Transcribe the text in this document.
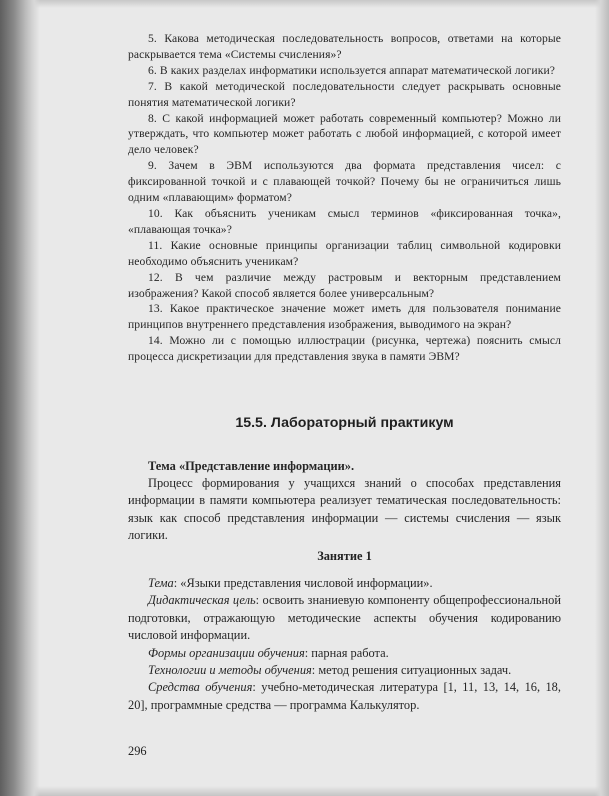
5. Какова методическая последовательность вопросов, ответами на которые раскрывается тема «Системы счисления»?

6. В каких разделах информатики используется аппарат математической логики?

7. В какой методической последовательности следует раскрывать основные понятия математической логики?

8. С какой информацией может работать современный компьютер? Можно ли утверждать, что компьютер может работать с любой информацией, с которой имеет дело человек?

9. Зачем в ЭВМ используются два формата представления чисел: с фиксированной точкой и с плавающей точкой? Почему бы не ограничиться лишь одним «плавающим» форматом?

10. Как объяснить ученикам смысл терминов «фиксированная точка», «плавающая точка»?

11. Какие основные принципы организации таблиц символьной кодировки необходимо объяснить ученикам?

12. В чем различие между растровым и векторным представлением изображения? Какой способ является более универсальным?

13. Какое практическое значение может иметь для пользователя понимание принципов внутреннего представления изображения, выводимого на экран?

14. Можно ли с помощью иллюстрации (рисунка, чертежа) пояснить смысл процесса дискретизации для представления звука в памяти ЭВМ?

15.5. Лабораторный практикум

Тема «Представление информации».

Процесс формирования у учащихся знаний о способах представления информации в памяти компьютера реализует тематическая последовательность: язык как способ представления информации — системы счисления — язык логики.

Занятие 1

Тема: «Языки представления числовой информации».

Дидактическая цель: освоить знаниевую компоненту общепрофессиональной подготовки, отражающую методические аспекты обучения кодированию числовой информации.

Формы организации обучения: парная работа.

Технологии и методы обучения: метод решения ситуационных задач.

Средства обучения: учебно-методическая литература [1, 11, 13, 14, 16, 18, 20], программные средства — программа Калькулятор.

296
